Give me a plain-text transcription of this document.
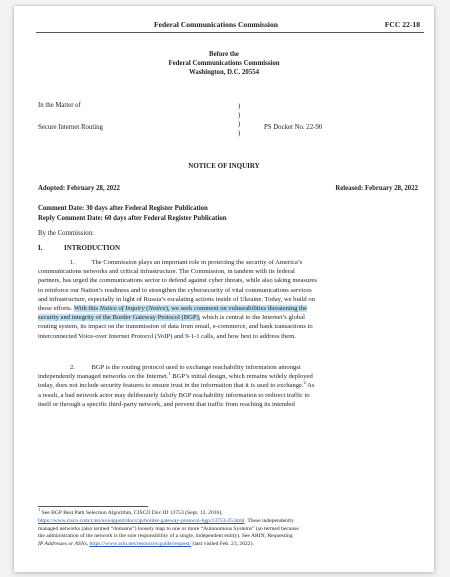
Federal Communications Commission	FCC 22-18
Before the
Federal Communications Commission
Washington, D.C. 20554
In the Matter of
Secure Internet Routing
)
)
)
)
PS Docket No. 22-90
NOTICE OF INQUIRY
Adopted: February 28, 2022	Released: February 28, 2022
Comment Date: 30 days after Federal Register Publication
Reply Comment Date: 60 days after Federal Register Publication
By the Commission:
I.	INTRODUCTION
1. The Commission plays an important role in protecting the security of America’s
communications networks and critical infrastructure. The Commission, in tandem with its federal
partners, has urged the communications sector to defend against cyber threats, while also taking measures
to reinforce our Nation’s readiness and to strengthen the cybersecurity of vital communications services
and infrastructure, especially in light of Russia’s escalating actions inside of Ukraine. Today, we build on
those efforts. With this Notice of Inquiry (Notice), we seek comment on vulnerabilities threatening the
security and integrity of the Border Gateway Protocol (BGP), which is central to the Internet’s global
routing system, its impact on the transmission of data from email, e-commerce, and bank transactions to
interconnected Voice-over Internet Protocol (VoIP) and 9-1-1 calls, and how best to address them.
2. BGP is the routing protocol used to exchange reachability information amongst
independently managed networks on the Internet.$^1$ BGP’s initial design, which remains widely deployed
today, does not include security features to ensure trust in the information that it is used to exchange.$^2$ As
a result, a bad network actor may deliberately falsify BGP reachability information to redirect traffic to
itself or through a specific third-party network, and prevent that traffic from reaching its intended
$^1$ See BGP Best Path Selection Algorithm, CISCO Doc ID 13753 (Sept. 12, 2016),
https://www.cisco.com/c/en/us/support/docs/ip/border-gateway-protocol-bgp/13753-25.html. These independently
managed networks (also termed “domains”) loosely map to one or more “Autonomous Systems” (so termed because
the administration of the network is the sole responsibility of a single, independent entity). See ARIN, Requesting
IP Addresses or ASNs, https://www.arin.net/resources/guide/request/ (last visited Feb. 23, 2022).
